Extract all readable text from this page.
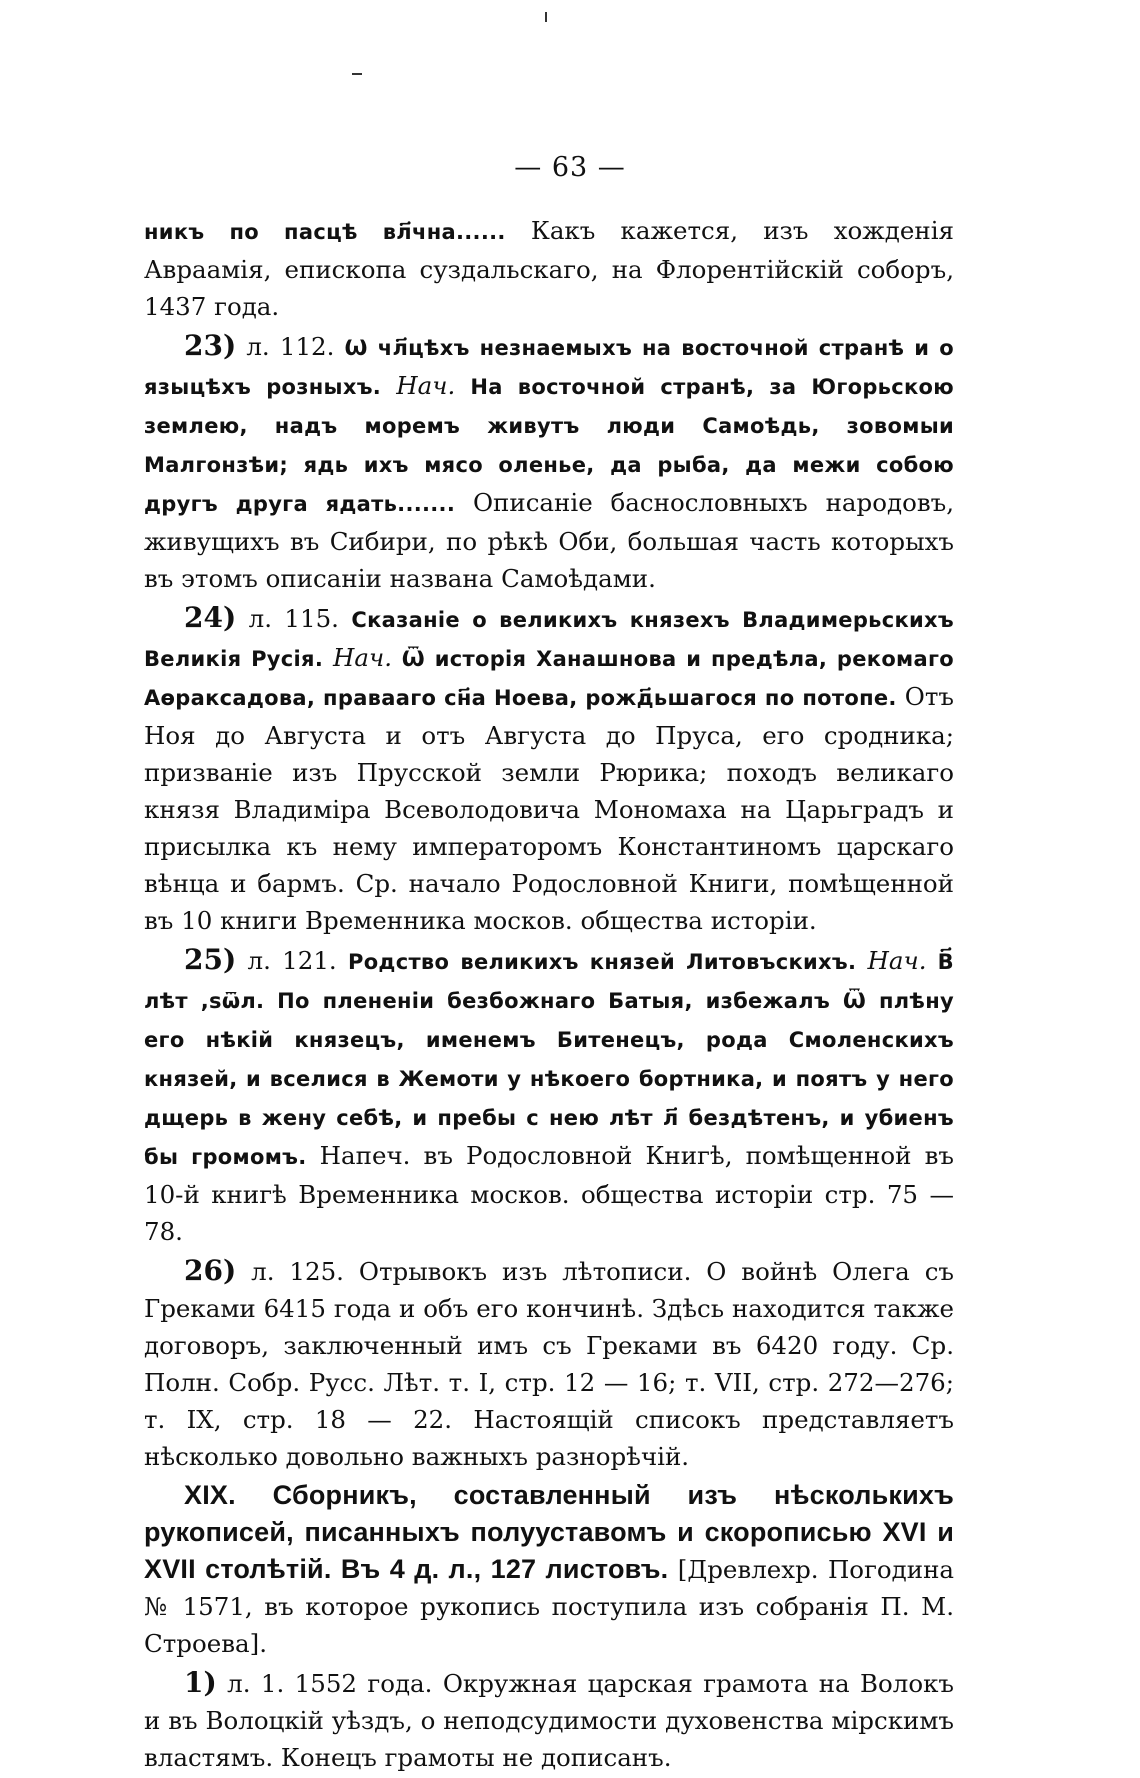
— 63 —

никъ по пасцѣ вл҃чна...... Какъ кажется, изъ хожденія Авраамія, епископа суздальскаго, на Флорентійскій соборъ, 1437 года.

23) л. 112. Ѡ чл҃цѣхъ незнаемыхъ на восточной странѣ и о языцѣхъ розныхъ. Нач. На восточной странѣ, за Югорьскою землею, надъ моремъ живутъ люди Самоѣдь, зовомыи Малгонзѣи; ядь ихъ мясо оленье, да рыба, да межи собою другъ друга ядать....... Описаніе баснословныхъ народовъ, живущихъ въ Сибири, по рѣкѣ Оби, большая часть которыхъ въ этомъ описаніи названа Самоѣдами.

24) л. 115. Сказаніе о великихъ князехъ Владимерьскихъ Великія Русія. Нач. Ѿ исторія Ханашнова и предѣла, рекомаго Аѳраксадова, правааго сн҃а Ноева, рожд҃ьшагося по потопе. Отъ Ноя до Августа и отъ Августа до Пруса, его сродника; призваніе изъ Прусской земли Рюрика; походъ великаго князя Владиміра Всеволодовича Мономаха на Царьградъ и присылка къ нему императоромъ Константиномъ царскаго вѣнца и бармъ. Ср. начало Родословной Книги, помѣщенной въ 10 книги Временника москов. общества исторіи.

25) л. 121. Родство великихъ князей Литовъскихъ. Нач. В҃ лѣт ,ѕѿл. По плененіи безбожнаго Батыя, избежалъ Ѿ плѣну его нѣкій князецъ, именемъ Битенецъ, рода Смоленскихъ князей, и вселися в Жемоти у нѣкоего бортника, и поятъ у него дщерь в жену себѣ, и пребы с нею лѣт л҃ бездѣтенъ, и убиенъ бы громомъ. Напеч. въ Родословной Книгѣ, помѣщенной въ 10-й книгѣ Временника москов. общества исторіи стр. 75 — 78.

26) л. 125. Отрывокъ изъ лѣтописи. О войнѣ Олега съ Греками 6415 года и объ его кончинѣ. Здѣсь находится также договоръ, заключенный имъ съ Греками въ 6420 году. Ср. Полн. Собр. Русс. Лѣт. т. I, стр. 12 — 16; т. VII, стр. 272—276; т. IX, стр. 18 — 22. Настоящій списокъ представляетъ нѣсколько довольно важныхъ разнорѣчій.

XIX. Сборникъ, составленный изъ нѣсколькихъ рукописей, писанныхъ полууставомъ и скорописью XVI и XVII столѣтій. Въ 4 д. л., 127 листовъ. [Древлехр. Погодина № 1571, въ которое рукопись поступила изъ собранія П. М. Строева].

1) л. 1. 1552 года. Окружная царская грамота на Волокъ и въ Волоцкій уѣздъ, о неподсудимости духовенства мірскимъ властямъ. Конецъ грамоты не дописанъ.
